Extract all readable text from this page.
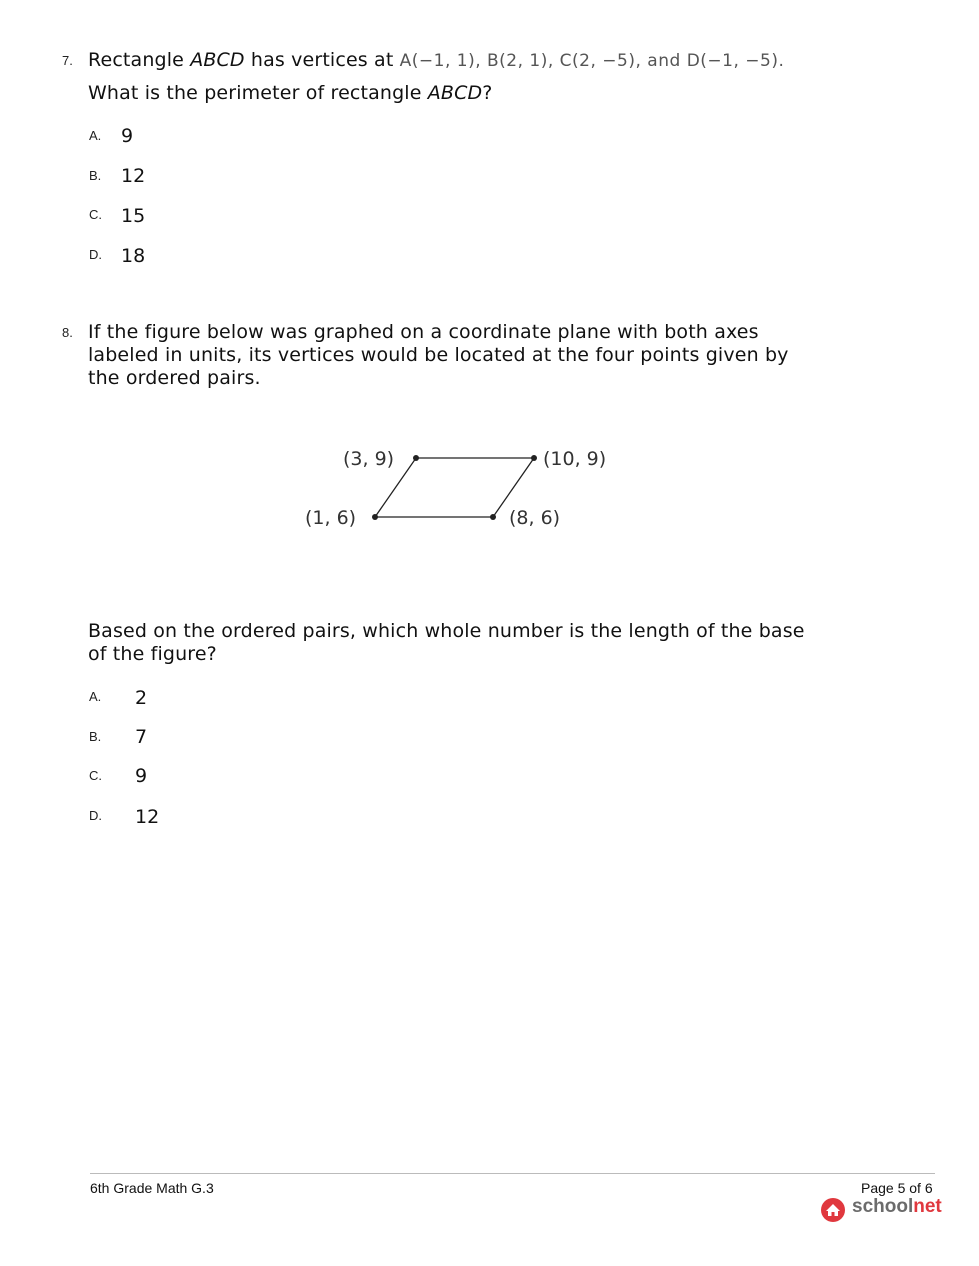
7. Rectangle ABCD has vertices at A(−1, 1), B(2, 1), C(2, −5), and D(−1, −5).
What is the perimeter of rectangle ABCD?
A. 9
B. 12
C. 15
D. 18
8. If the figure below was graphed on a coordinate plane with both axes
labeled in units, its vertices would be located at the four points given by
the ordered pairs.
(3, 9)	(10, 9)
(1, 6)	(8, 6)
Based on the ordered pairs, which whole number is the length of the base
of the figure?
A. 2
B. 7
C. 9
D. 12
6th Grade Math G.3	Page 5 of 6
schoolnet
